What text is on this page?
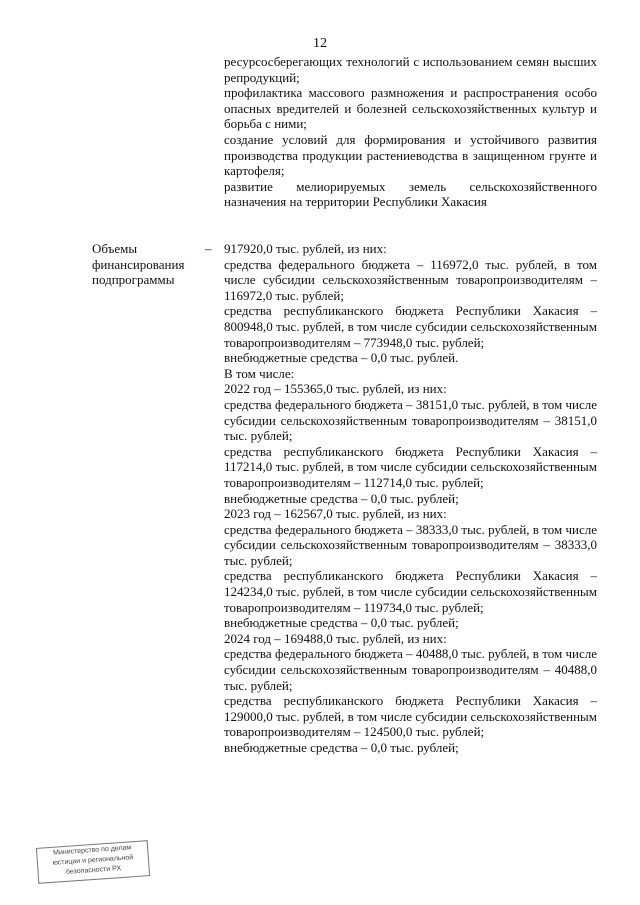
12

ресурсосберегающих технологий с использованием семян высших репродукций;

профилактика массового размножения и распространения особо опасных вредителей и болезней сельскохозяйственных культур и борьба с ними;

создание условий для формирования и устойчивого развития производства продукции растениеводства в защищенном грунте и картофеля;

развитие мелиорируемых земель сельскохозяйственного назначения на территории Республики Хакасия

Объемы финансирования подпрограммы
– 917920,0 тыс. рублей, из них:

средства федерального бюджета – 116972,0 тыс. рублей, в том числе субсидии сельскохозяйственным товаропроизводителям – 116972,0 тыс. рублей;

средства республиканского бюджета Республики Хакасия – 800948,0 тыс. рублей, в том числе субсидии сельскохозяйственным товаропроизводителям – 773948,0 тыс. рублей;

внебюджетные средства – 0,0 тыс. рублей.

В том числе:

2022 год – 155365,0 тыс. рублей, из них:

средства федерального бюджета – 38151,0 тыс. рублей, в том числе субсидии сельскохозяйственным товаропроизводителям – 38151,0 тыс. рублей;

средства республиканского бюджета Республики Хакасия – 117214,0 тыс. рублей, в том числе субсидии сельскохозяйственным товаропроизводителям – 112714,0 тыс. рублей;

внебюджетные средства – 0,0 тыс. рублей;

2023 год – 162567,0 тыс. рублей, из них:

средства федерального бюджета – 38333,0 тыс. рублей, в том числе субсидии сельскохозяйственным товаропроизводителям – 38333,0 тыс. рублей;

средства республиканского бюджета Республики Хакасия – 124234,0 тыс. рублей, в том числе субсидии сельскохозяйственным товаропроизводителям – 119734,0 тыс. рублей;

внебюджетные средства – 0,0 тыс. рублей;

2024 год – 169488,0 тыс. рублей, из них:

средства федерального бюджета – 40488,0 тыс. рублей, в том числе субсидии сельскохозяйственным товаропроизводителям – 40488,0 тыс. рублей;

средства республиканского бюджета Республики Хакасия – 129000,0 тыс. рублей, в том числе субсидии сельскохозяйственным товаропроизводителям – 124500,0 тыс. рублей;

внебюджетные средства – 0,0 тыс. рублей;

Министерство по делам
юстиции и региональной
безопасности РХ
